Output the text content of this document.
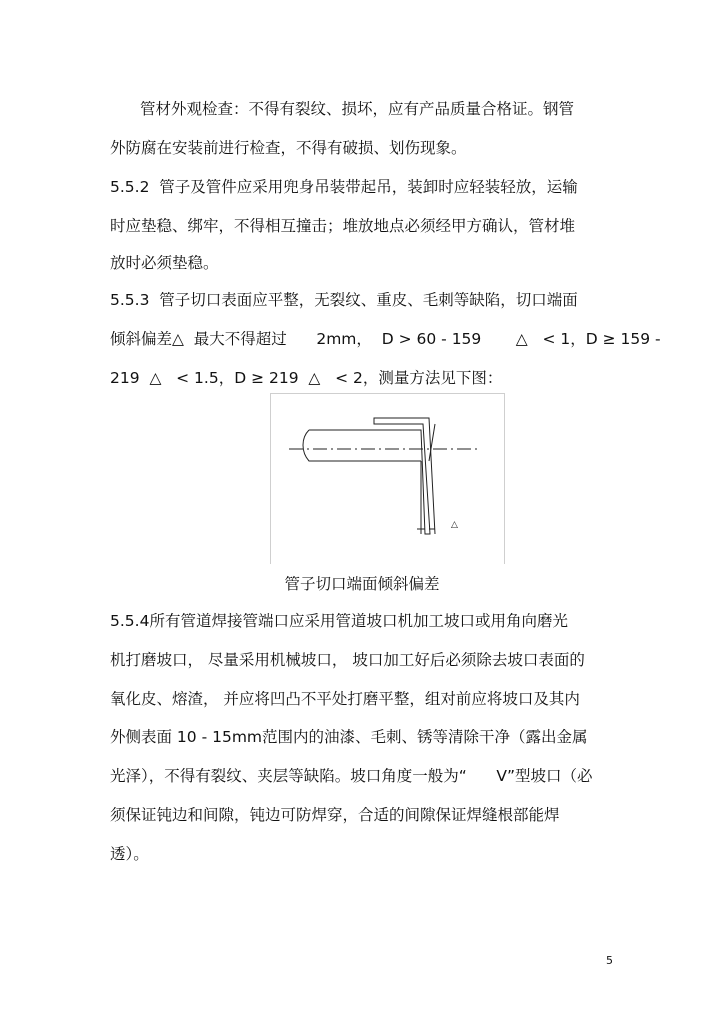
管材外观检查：不得有裂纹、损坏，应有产品质量合格证。钢管
外防腐在安装前进行检查，不得有破损、划伤现象。
5.5.2  管子及管件应采用兜身吊装带起吊，装卸时应轻装轻放，运输
时应垫稳、绑牢，不得相互撞击；堆放地点必须经甲方确认，管材堆
放时必须垫稳。
5.5.3  管子切口表面应平整，无裂纹、重皮、毛刺等缺陷，切口端面
倾斜偏差△  最大不得超过      2mm，  D > 60 - 159       △   < 1，D ≥ 159 -
219  △   < 1.5，D ≥ 219  △   < 2，测量方法见下图：
△
管子切口端面倾斜偏差
5.5.4所有管道焊接管端口应采用管道坡口机加工坡口或用角向磨光
机打磨坡口， 尽量采用机械坡口， 坡口加工好后必须除去坡口表面的
氧化皮、熔渣， 并应将凹凸不平处打磨平整，组对前应将坡口及其内
外侧表面 10 - 15mm范围内的油漆、毛刺、锈等清除干净（露出金属
光泽），不得有裂纹、夹层等缺陷。坡口角度一般为“      V”型坡口（必
须保证钝边和间隙，钝边可防焊穿，合适的间隙保证焊缝根部能焊
透）。
5
